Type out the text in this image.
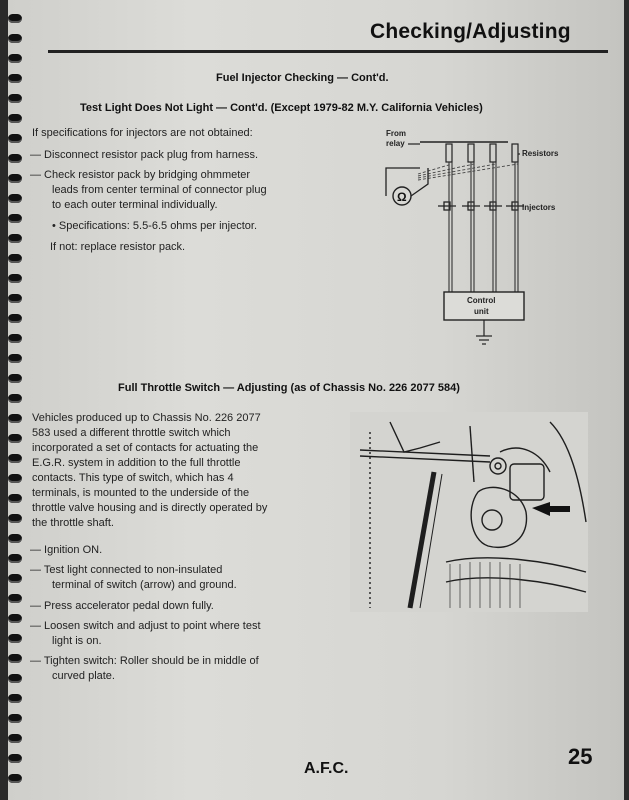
Checking/Adjusting
Fuel Injector Checking — Cont'd.
Test Light Does Not Light — Cont'd. (Except 1979-82 M.Y. California Vehicles)
If specifications for injectors are not obtained:
— Disconnect resistor pack plug from harness.
— Check resistor pack by bridging ohmmeter
leads from center terminal of connector plug
to each outer terminal individually.
• Specifications: 5.5-6.5 ohms per injector.
If not: replace resistor pack.
From
relay
Resistors
Injectors
Ω
Control
unit
Full Throttle Switch — Adjusting (as of Chassis No. 226 2077 584)
Vehicles produced up to Chassis No. 226 2077
583 used a different throttle switch which
incorporated a set of contacts for actuating the
E.G.R. system in addition to the full throttle
contacts. This type of switch, which has 4
terminals, is mounted to the underside of the
throttle valve housing and is directly operated by
the throttle shaft.
— Ignition ON.
— Test light connected to non-insulated
terminal of switch (arrow) and ground.
— Press accelerator pedal down fully.
— Loosen switch and adjust to point where test
light is on.
— Tighten switch: Roller should be in middle of
curved plate.
25
A.F.C.
